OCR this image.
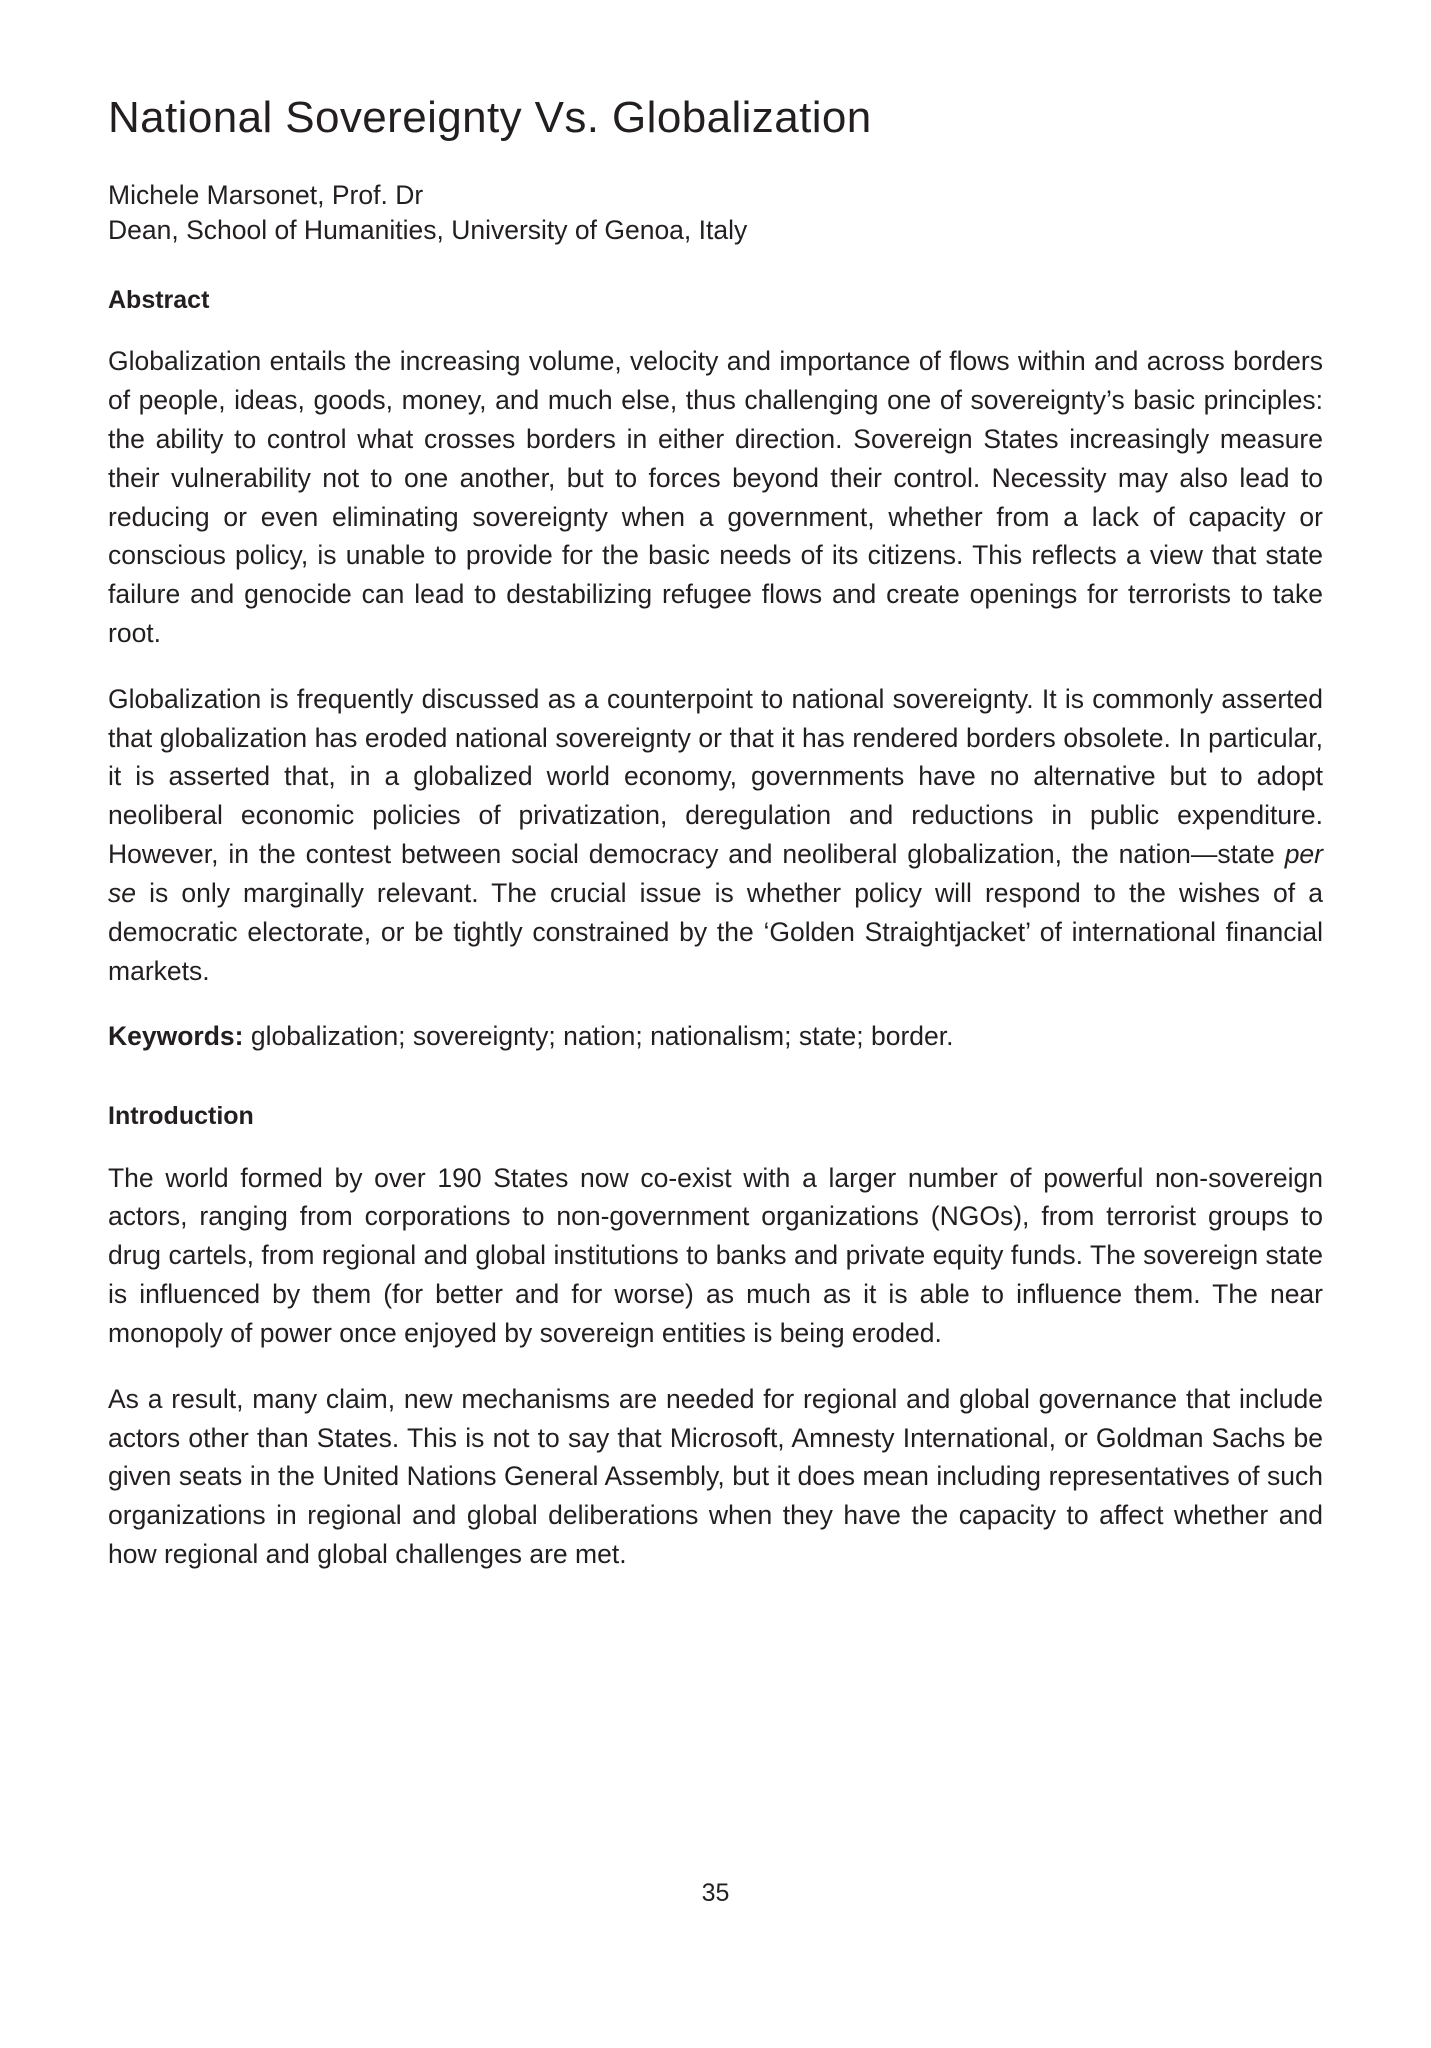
National Sovereignty Vs. Globalization
Michele Marsonet, Prof. Dr
Dean, School of Humanities, University of Genoa, Italy
Abstract

Globalization entails the increasing volume, velocity and importance of flows within and across borders of people, ideas, goods, money, and much else, thus challenging one of sovereignty’s basic principles: the ability to control what crosses borders in either direction. Sovereign States increasingly measure their vulnerability not to one another, but to forces beyond their control. Necessity may also lead to reducing or even eliminating sovereignty when a government, whether from a lack of capacity or conscious policy, is unable to provide for the basic needs of its citizens. This reflects a view that state failure and genocide can lead to destabilizing refugee flows and create openings for terrorists to take root.

Globalization is frequently discussed as a counterpoint to national sovereignty. It is commonly asserted that globalization has eroded national sovereignty or that it has rendered borders obsolete. In particular, it is asserted that, in a globalized world economy, governments have no alternative but to adopt neoliberal economic policies of privatization, deregulation and reductions in public expenditure. However, in the contest between social democracy and neoliberal globalization, the nation—state per se is only marginally relevant. The crucial issue is whether policy will respond to the wishes of a democratic electorate, or be tightly constrained by the ‘Golden Straightjacket’ of international financial markets.

Keywords: globalization; sovereignty; nation; nationalism; state; border.

Introduction

The world formed by over 190 States now co-exist with a larger number of powerful non-sovereign actors, ranging from corporations to non-government organizations (NGOs), from terrorist groups to drug cartels, from regional and global institutions to banks and private equity funds. The sovereign state is influenced by them (for better and for worse) as much as it is able to influence them. The near monopoly of power once enjoyed by sovereign entities is being eroded.

As a result, many claim, new mechanisms are needed for regional and global governance that include actors other than States. This is not to say that Microsoft, Amnesty International, or Goldman Sachs be given seats in the United Nations General Assembly, but it does mean including representatives of such organizations in regional and global deliberations when they have the capacity to affect whether and how regional and global challenges are met.

35
